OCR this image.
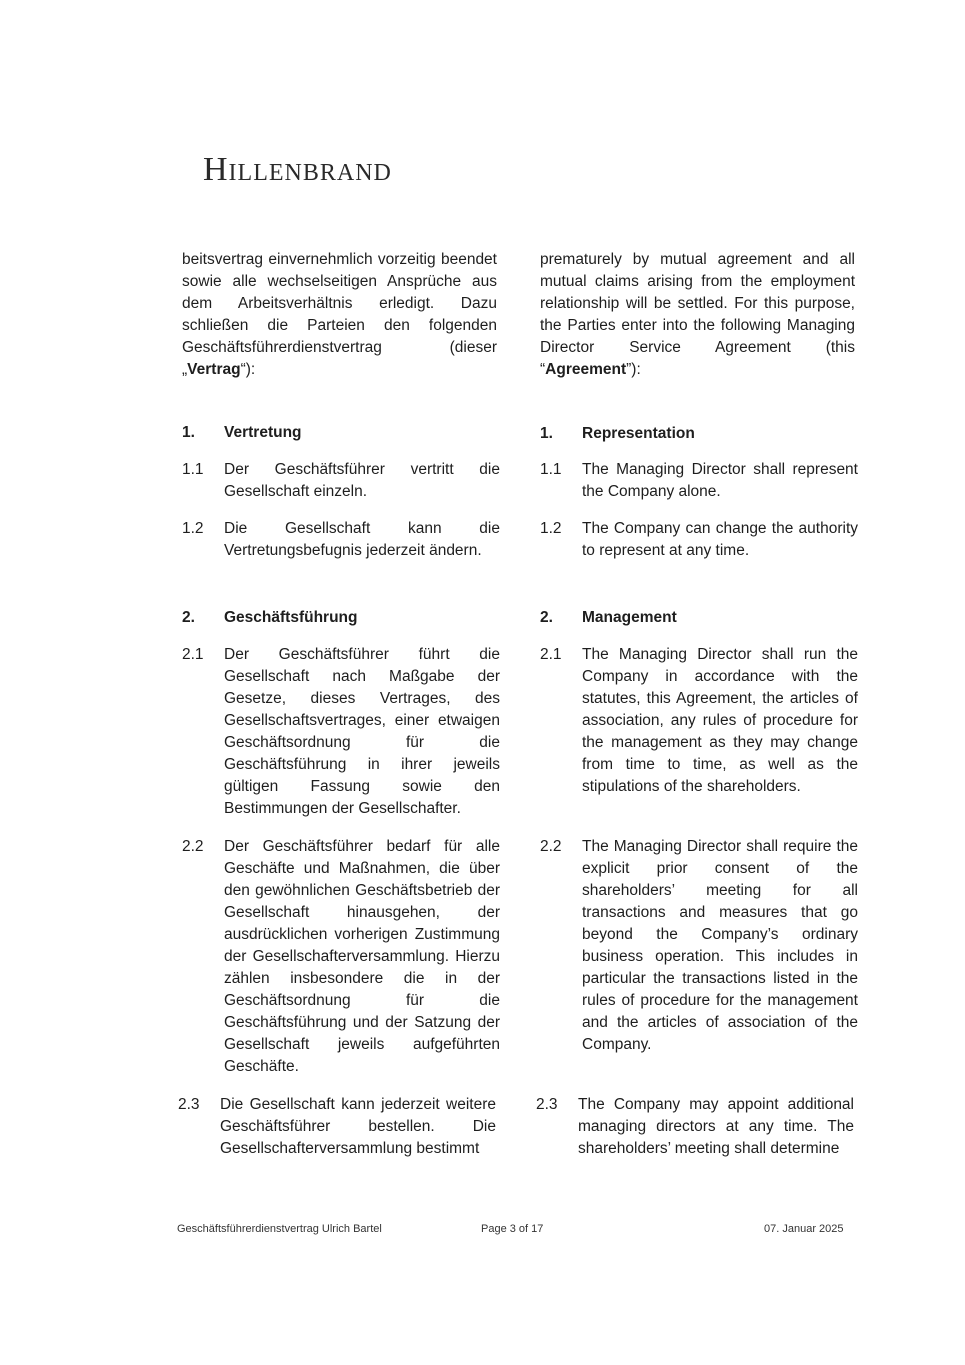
Hillenbrand
beitsvertrag einvernehmlich vorzeitig beendet sowie alle wechselseitigen Ansprüche aus dem Arbeitsverhältnis erledigt. Dazu schließen die Parteien den folgenden Geschäftsführerdienstvertrag (dieser „Vertrag“):
prematurely by mutual agreement and all mutual claims arising from the employment relationship will be settled. For this purpose, the Parties enter into the following Managing Director Service Agreement (this “Agreement”):
1. Vertretung	1. Representation
1.1	Der Geschäftsführer vertritt die Gesellschaft einzeln.
1.1	The Managing Director shall represent the Company alone.
1.2	Die Gesellschaft kann die Vertretungsbefugnis jederzeit ändern.
1.2	The Company can change the authority to represent at any time.
2. Geschäftsführung	2. Management
2.1	Der Geschäftsführer führt die Gesellschaft nach Maßgabe der Gesetze, dieses Vertrages, des Gesellschaftsvertrages, einer etwaigen Geschäftsordnung für die Geschäftsführung in ihrer jeweils gültigen Fassung sowie den Bestimmungen der Gesellschafter.
2.1	The Managing Director shall run the Company in accordance with the statutes, this Agreement, the articles of association, any rules of procedure for the management as they may change from time to time, as well as the stipulations of the shareholders.
2.2	Der Geschäftsführer bedarf für alle Geschäfte und Maßnahmen, die über den gewöhnlichen Geschäftsbetrieb der Gesellschaft hinausgehen, der ausdrücklichen vorherigen Zustimmung der Gesellschafterversammlung. Hierzu zählen insbesondere die in der Geschäftsordnung für die Geschäftsführung und der Satzung der Gesellschaft jeweils aufgeführten Geschäfte.
2.2	The Managing Director shall require the explicit prior consent of the shareholders’ meeting for all transactions and measures that go beyond the Company’s ordinary business operation. This includes in particular the transactions listed in the rules of procedure for the management and the articles of association of the Company.
2.3	Die Gesellschaft kann jederzeit weitere Geschäftsführer bestellen. Die Gesellschafterversammlung bestimmt
2.3	The Company may appoint additional managing directors at any time. The shareholders’ meeting shall determine
Geschäftsführerdienstvertrag Ulrich Bartel	Page 3 of 17	07. Januar 2025
